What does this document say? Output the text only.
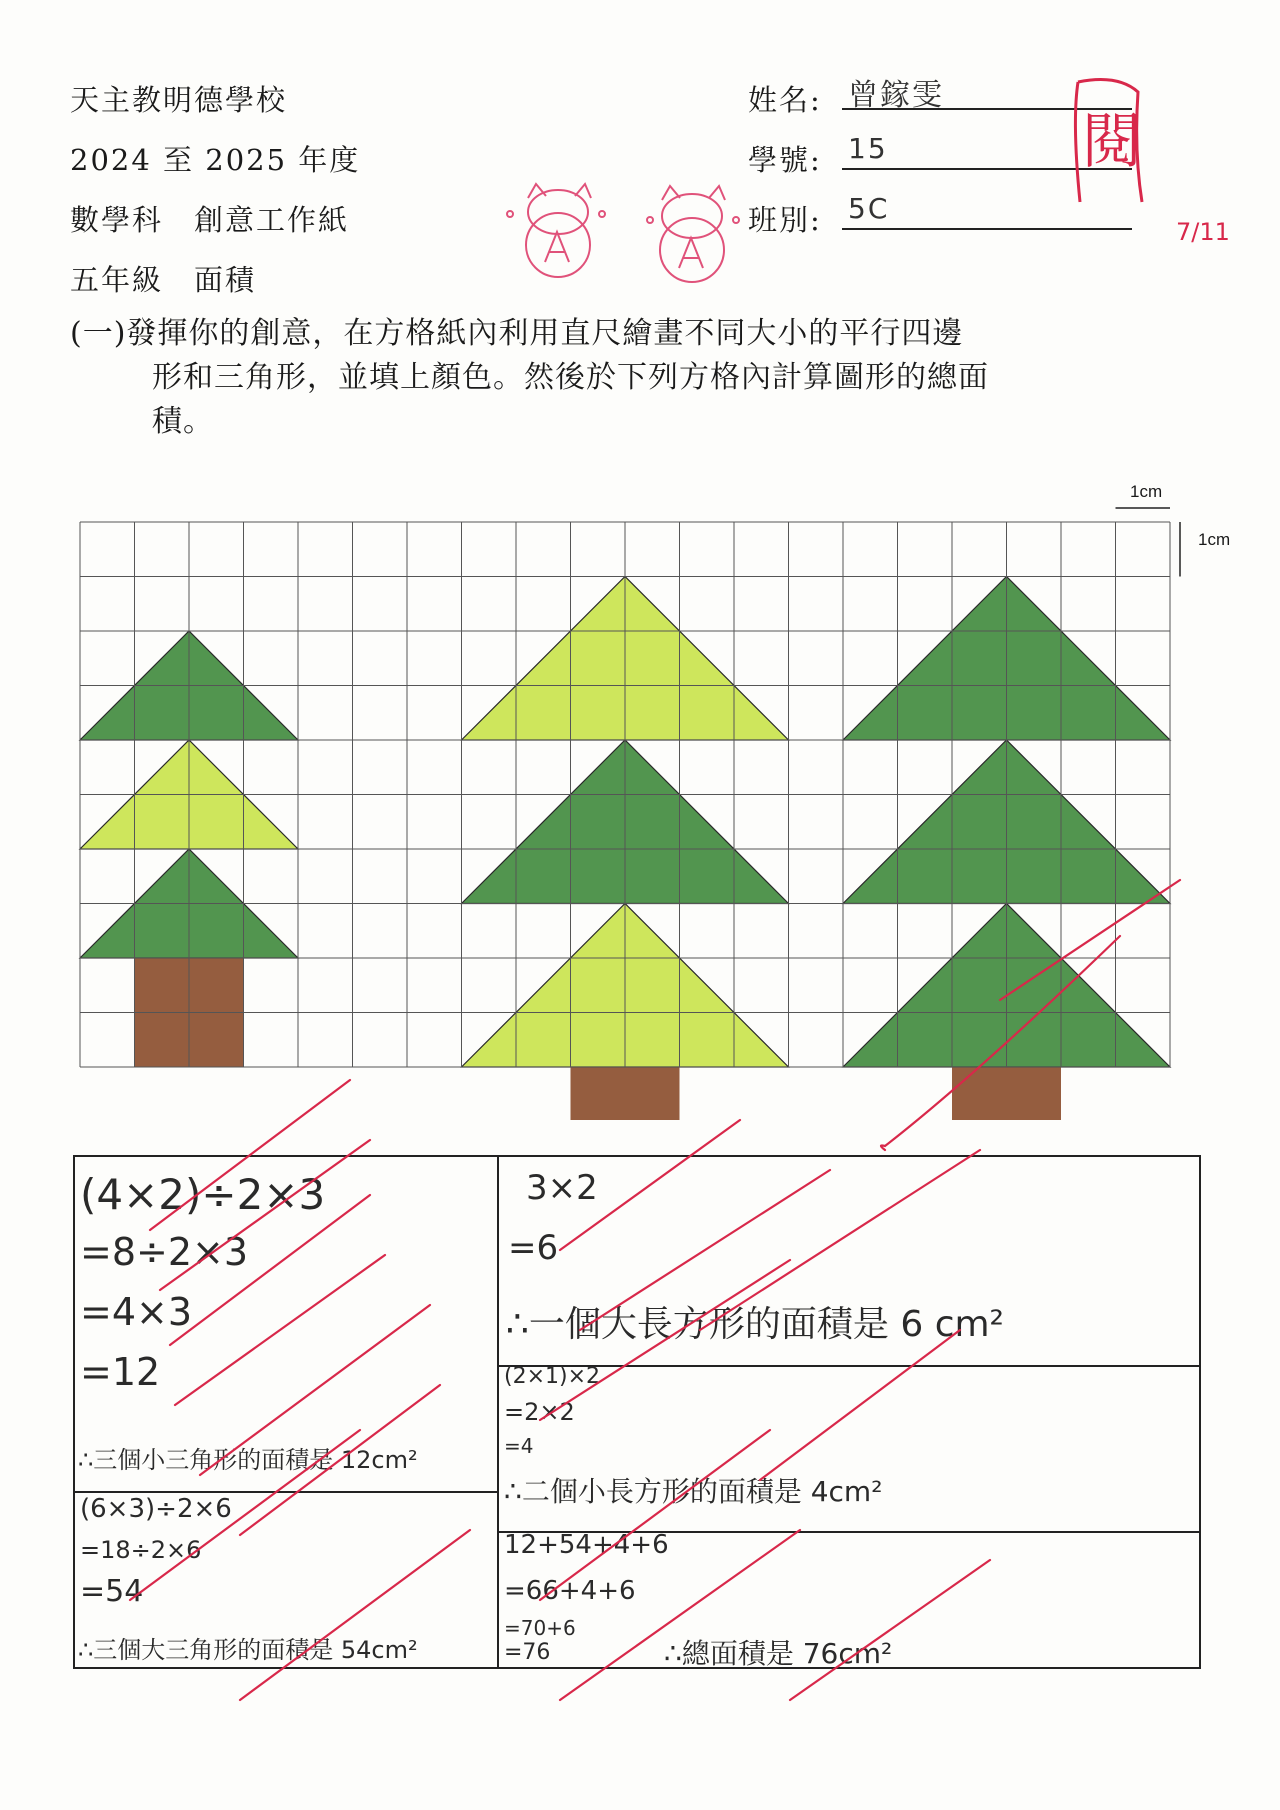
天主教明德學校
2024 至 2025 年度
數學科　創意工作紙
五年級　面積
姓名: 曾鎵雯
學號: 15
班別: 5C
閱
7/11
(一)發揮你的創意，在方格紙內利用直尺繪畫不同大小的平行四邊
形和三角形，並填上顏色。然後於下列方格內計算圖形的總面
積。
1cm
1cm
(4×2)÷2×3
=8÷2×3
=4×3
=12
∴三個小三角形的面積是 12cm²
(6×3)÷2×6
=18÷2×6
=54
∴三個大三角形的面積是 54cm²
3×2
=6
∴一個大長方形的面積是 6 cm²
(2×1)×2
=2×2
=4
∴二個小長方形的面積是 4cm²
12+54+4+6
=66+4+6
=70+6
=76	∴總面積是 76cm²
